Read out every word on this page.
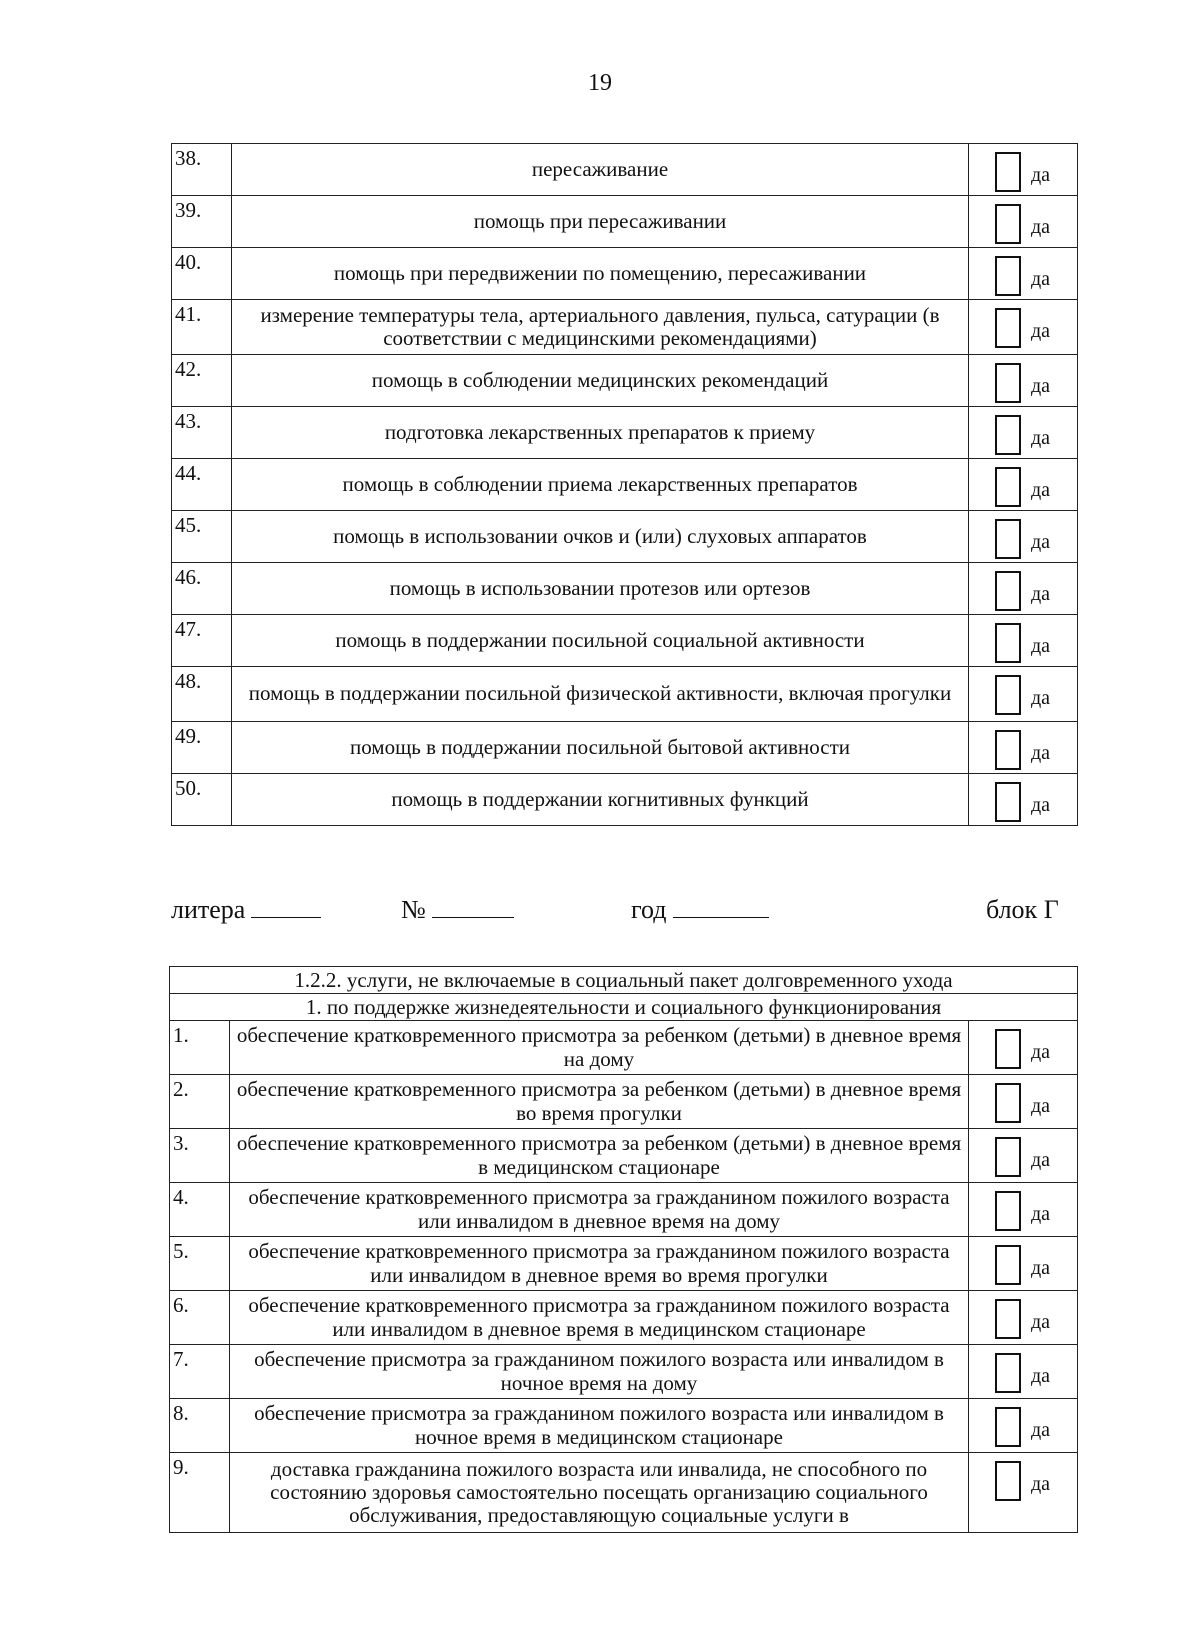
19
38.	пересаживание	да

39.	помощь при пересаживании	да

40.	помощь при передвижении по помещению, пересаживании	да

41.	измерение температуры тела, артериального давления, пульса, сатурации (в соответствии с медицинскими рекомендациями)	да

42.	помощь в соблюдении медицинских рекомендаций	да

43.	подготовка лекарственных препаратов к приему	да

44.	помощь в соблюдении приема лекарственных препаратов	да

45.	помощь в использовании очков и (или) слуховых аппаратов	да

46.	помощь в использовании протезов или ортезов	да

47.	помощь в поддержании посильной социальной активности	да

48.	помощь в поддержании посильной физической активности, включая прогулки	да

49.	помощь в поддержании посильной бытовой активности	да

50.	помощь в поддержании когнитивных функций	да
литера	№	год	блок Г
1.2.2. услуги, не включаемые в социальный пакет долговременного ухода		
1. по поддержке жизнедеятельности и социального функционирования		
1.	обеспечение кратковременного присмотра за ребенком (детьми) в дневное время на дому	да

2.	обеспечение кратковременного присмотра за ребенком (детьми) в дневное время во время прогулки	да

3.	обеспечение кратковременного присмотра за ребенком (детьми) в дневное время в медицинском стационаре	да

4.	обеспечение кратковременного присмотра за гражданином пожилого возраста или инвалидом в дневное время на дому	да

5.	обеспечение кратковременного присмотра за гражданином пожилого возраста или инвалидом в дневное время во время прогулки	да

6.	обеспечение кратковременного присмотра за гражданином пожилого возраста или инвалидом в дневное время в медицинском стационаре	да

7.	обеспечение присмотра за гражданином пожилого возраста или инвалидом в ночное время на дому	да

8.	обеспечение присмотра за гражданином пожилого возраста или инвалидом в ночное время в медицинском стационаре	да

9.	доставка гражданина пожилого возраста или инвалида, не способного по состоянию здоровья самостоятельно посещать организацию социального обслуживания, предоставляющую социальные услуги в	да
